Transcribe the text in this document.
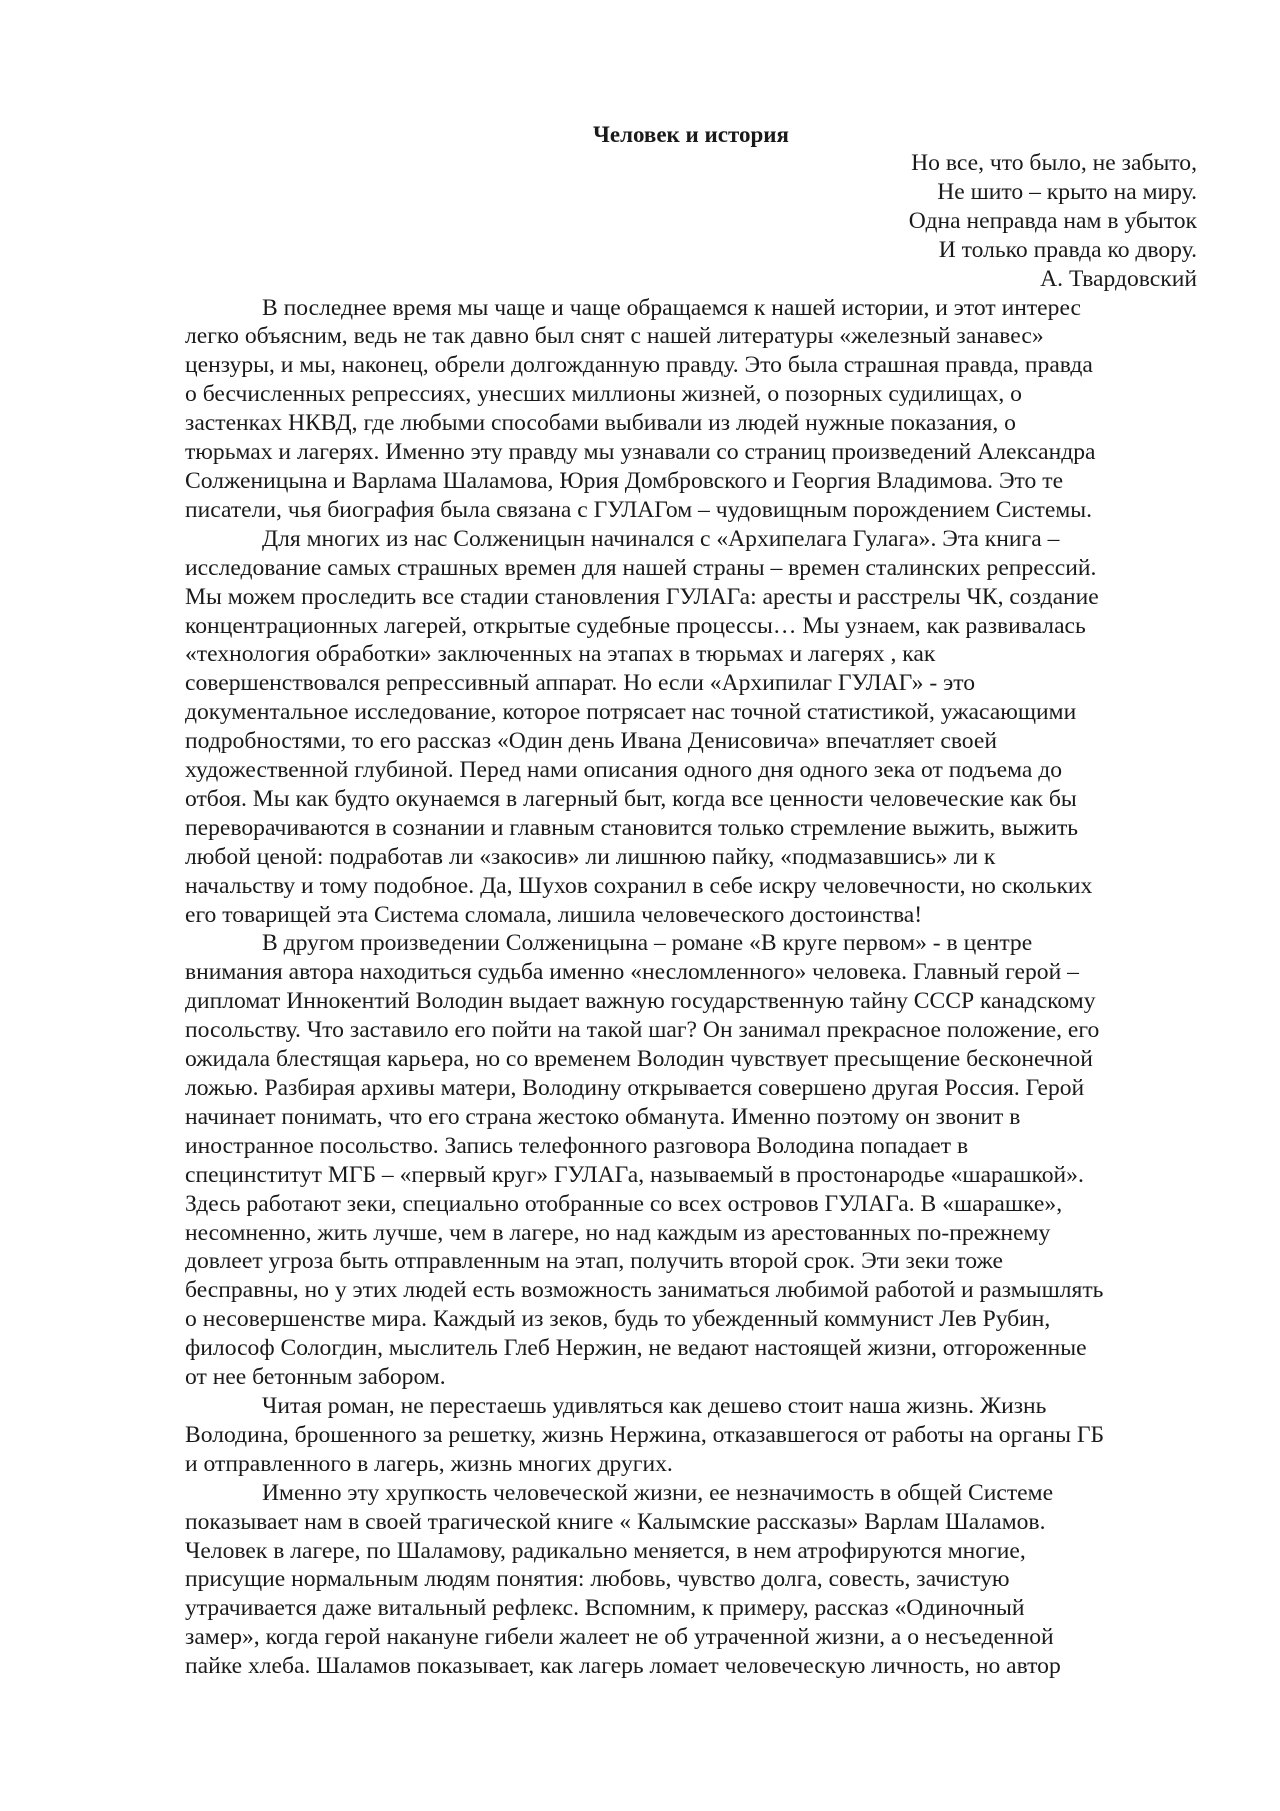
Человек и история
Но все, что было, не забыто,
Не шито – крыто на миру.
Одна неправда нам в убыток
И только правда ко двору.
А. Твардовский
В последнее время мы чаще и чаще обращаемся к нашей истории, и этот интерес
легко объясним, ведь не так давно был снят с нашей литературы «железный занавес»
цензуры, и мы, наконец, обрели долгожданную правду. Это была страшная правда, правда
о бесчисленных репрессиях, унесших миллионы жизней, о позорных судилищах, о
застенках НКВД, где любыми способами выбивали из людей нужные показания, о
тюрьмах и лагерях. Именно эту правду мы узнавали со страниц произведений Александра
Солженицына и Варлама Шаламова, Юрия Домбровского и Георгия Владимова. Это те
писатели, чья биография была связана с ГУЛАГом – чудовищным порождением Системы.
Для многих из нас Солженицын начинался с «Архипелага Гулага». Эта книга –
исследование самых страшных времен для нашей страны – времен сталинских репрессий.
Мы можем проследить все стадии становления ГУЛАГа: аресты и расстрелы ЧК, создание
концентрационных лагерей, открытые судебные процессы… Мы узнаем, как развивалась
«технология обработки» заключенных на этапах в тюрьмах и лагерях , как
совершенствовался репрессивный аппарат. Но если «Архипилаг ГУЛАГ» - это
документальное исследование, которое потрясает нас точной статистикой, ужасающими
подробностями, то его рассказ «Один день Ивана Денисовича» впечатляет своей
художественной глубиной. Перед нами описания одного дня одного зека от подъема до
отбоя. Мы как будто окунаемся в лагерный быт, когда все ценности человеческие как бы
переворачиваются в сознании и главным становится только стремление выжить, выжить
любой ценой: подработав ли «закосив» ли лишнюю пайку, «подмазавшись» ли к
начальству и тому подобное. Да, Шухов сохранил в себе искру человечности, но скольких
его товарищей эта Система сломала, лишила человеческого достоинства!
В другом произведении Солженицына – романе «В круге первом» - в центре
внимания автора находиться судьба именно «несломленного» человека. Главный герой –
дипломат Иннокентий Володин выдает важную государственную тайну СССР канадскому
посольству. Что заставило его пойти на такой шаг? Он занимал прекрасное положение, его
ожидала блестящая карьера, но со временем Володин чувствует пресыщение бесконечной
ложью. Разбирая архивы матери, Володину открывается совершено другая Россия. Герой
начинает понимать, что его страна жестоко обманута. Именно поэтому он звонит в
иностранное посольство. Запись телефонного разговора Володина попадает в
специнститут МГБ – «первый круг» ГУЛАГа, называемый в простонародье «шарашкой».
Здесь работают зеки, специально отобранные со всех островов ГУЛАГа. В «шарашке»,
несомненно, жить лучше, чем в лагере, но над каждым из арестованных по-прежнему
довлеет угроза быть отправленным на этап, получить второй срок. Эти зеки тоже
бесправны, но у этих людей есть возможность заниматься любимой работой и размышлять
о несовершенстве мира. Каждый из зеков, будь то убежденный коммунист Лев Рубин,
философ Сологдин, мыслитель Глеб Нержин, не ведают настоящей жизни, отгороженные
от нее бетонным забором.
Читая роман, не перестаешь удивляться как дешево стоит наша жизнь. Жизнь
Володина, брошенного за решетку, жизнь Нержина, отказавшегося от работы на органы ГБ
и отправленного в лагерь, жизнь многих других.
Именно эту хрупкость человеческой жизни, ее незначимость в общей Системе
показывает нам в своей трагической книге « Калымские рассказы» Варлам Шаламов.
Человек в лагере, по Шаламову, радикально меняется, в нем атрофируются многие,
присущие нормальным людям понятия: любовь, чувство долга, совесть, зачистую
утрачивается даже витальный рефлекс. Вспомним, к примеру, рассказ «Одиночный
замер», когда герой накануне гибели жалеет не об утраченной жизни, а о несъеденной
пайке хлеба. Шаламов показывает, как лагерь ломает человеческую личность, но автор
